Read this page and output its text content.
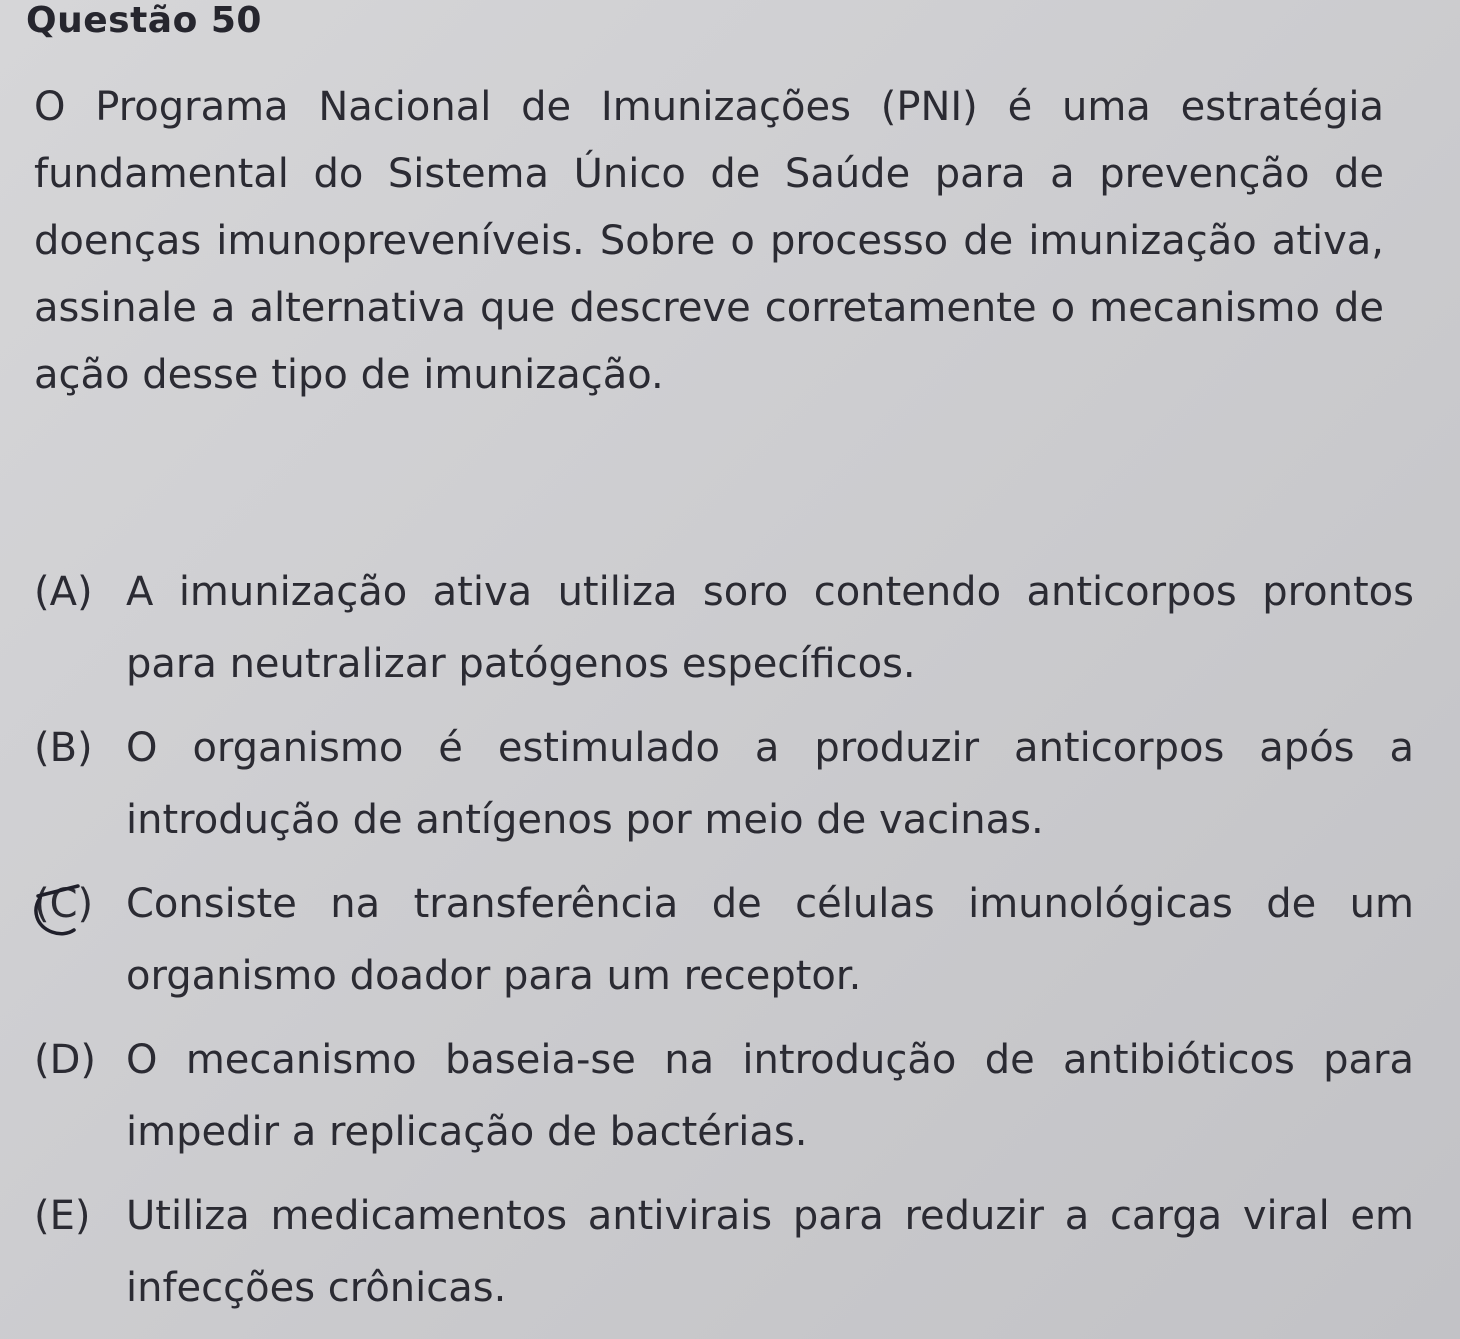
Questão 50
O Programa Nacional de Imunizações (PNI) é uma estratégia fundamental do Sistema Único de Saúde para a prevenção de doenças imunopreveníveis. Sobre o processo de imunização ativa, assinale a alternativa que descreve corretamente o mecanismo de ação desse tipo de imunização.
(A) A imunização ativa utiliza soro contendo anticorpos prontos para neutralizar patógenos específicos.
(B) O organismo é estimulado a produzir anticorpos após a introdução de antígenos por meio de vacinas.
(C) Consiste na transferência de células imunológicas de um organismo doador para um receptor.
(D) O mecanismo baseia-se na introdução de antibióticos para impedir a replicação de bactérias.
(E) Utiliza medicamentos antivirais para reduzir a carga viral em infecções crônicas.
